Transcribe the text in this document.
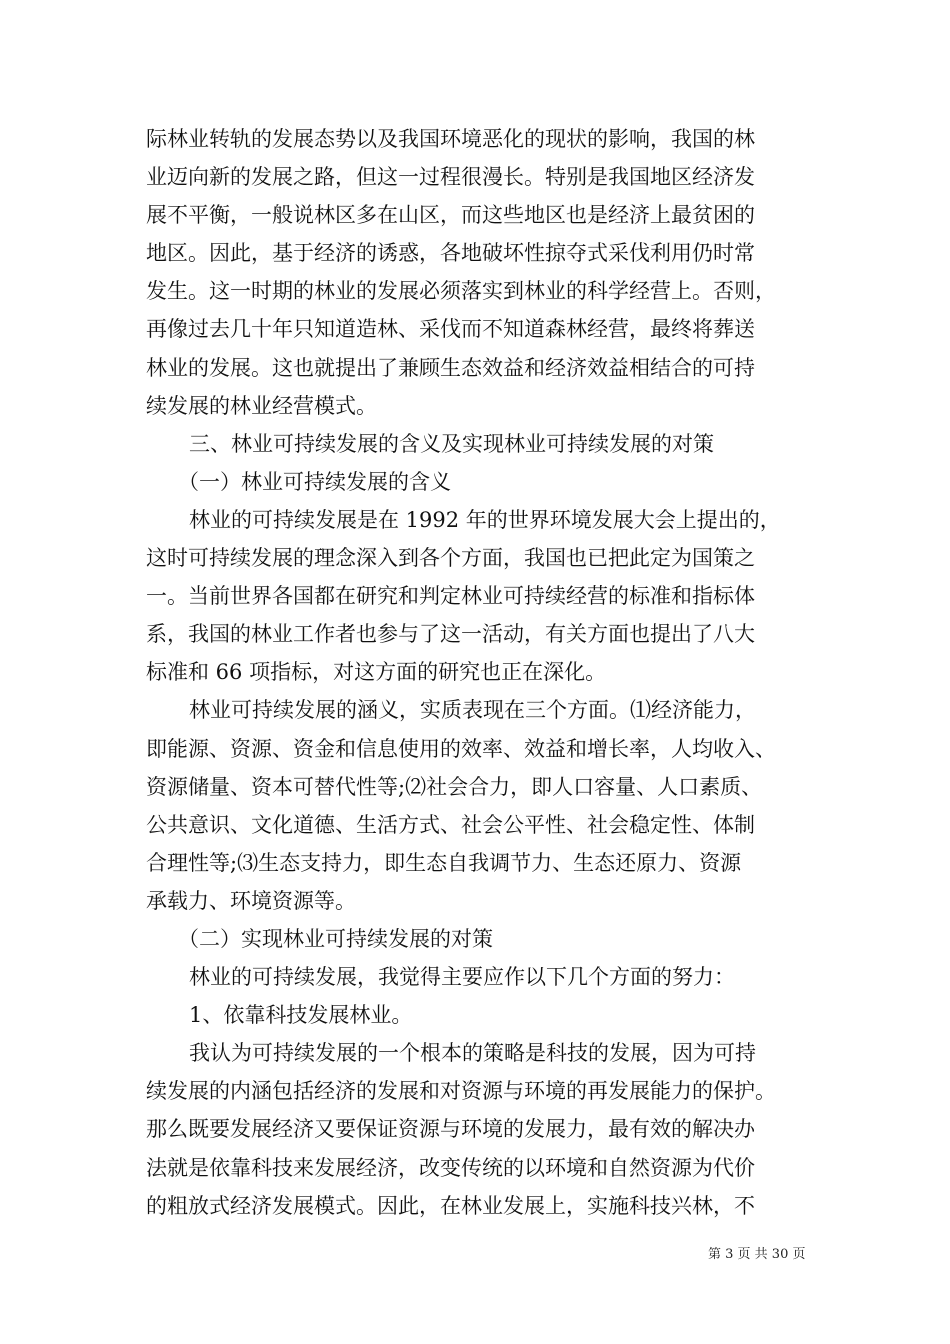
际林业转轨的发展态势以及我国环境恶化的现状的影响，我国的林
业迈向新的发展之路，但这一过程很漫长。特别是我国地区经济发
展不平衡，一般说林区多在山区，而这些地区也是经济上最贫困的
地区。因此，基于经济的诱惑，各地破坏性掠夺式采伐利用仍时常
发生。这一时期的林业的发展必须落实到林业的科学经营上。否则，
再像过去几十年只知道造林、采伐而不知道森林经营，最终将葬送
林业的发展。这也就提出了兼顾生态效益和经济效益相结合的可持
续发展的林业经营模式。
三、林业可持续发展的含义及实现林业可持续发展的对策
（一）林业可持续发展的含义
林业的可持续发展是在 1992 年的世界环境发展大会上提出的，
这时可持续发展的理念深入到各个方面，我国也已把此定为国策之
一。当前世界各国都在研究和判定林业可持续经营的标准和指标体
系，我国的林业工作者也参与了这一活动，有关方面也提出了八大
标准和 66 项指标，对这方面的研究也正在深化。
林业可持续发展的涵义，实质表现在三个方面。⑴经济能力，
即能源、资源、资金和信息使用的效率、效益和增长率，人均收入、
资源储量、资本可替代性等;⑵社会合力，即人口容量、人口素质、
公共意识、文化道德、生活方式、社会公平性、社会稳定性、体制
合理性等;⑶生态支持力，即生态自我调节力、生态还原力、资源
承载力、环境资源等。
（二）实现林业可持续发展的对策
林业的可持续发展，我觉得主要应作以下几个方面的努力：
1、依靠科技发展林业。
我认为可持续发展的一个根本的策略是科技的发展，因为可持
续发展的内涵包括经济的发展和对资源与环境的再发展能力的保护。
那么既要发展经济又要保证资源与环境的发展力，最有效的解决办
法就是依靠科技来发展经济，改变传统的以环境和自然资源为代价
的粗放式经济发展模式。因此，在林业发展上，实施科技兴林，不
第 3 页 共 30 页
